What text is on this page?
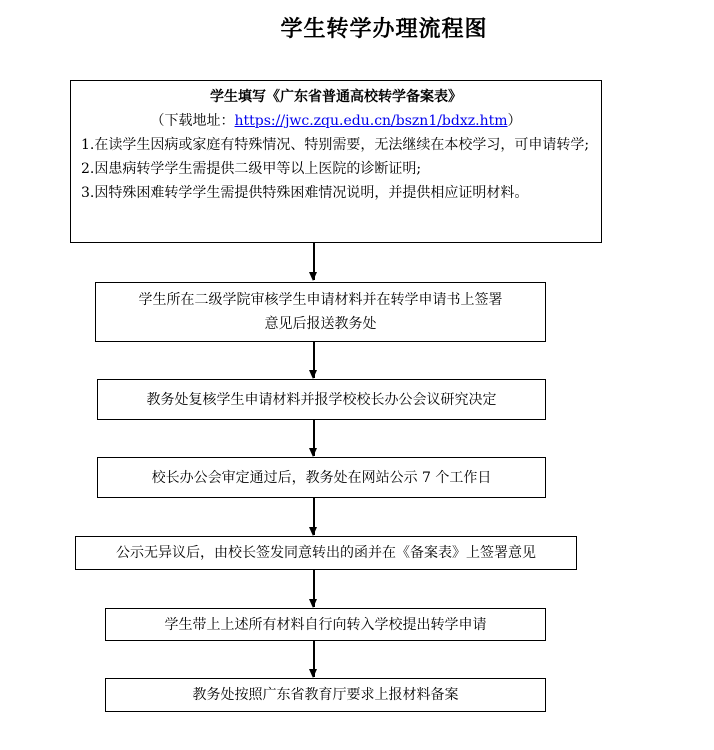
学生转学办理流程图
学生填写《广东省普通高校转学备案表》
（下载地址：https://jwc.zqu.edu.cn/bszn1/bdxz.htm）
1.在读学生因病或家庭有特殊情况、特别需要，无法继续在本校学习，可申请转学;
2.因患病转学学生需提供二级甲等以上医院的诊断证明;
3.因特殊困难转学学生需提供特殊困难情况说明，并提供相应证明材料。
学生所在二级学院审核学生申请材料并在转学申请书上签署
意见后报送教务处
教务处复核学生申请材料并报学校校长办公会议研究决定
校长办公会审定通过后，教务处在网站公示 7 个工作日
公示无异议后，由校长签发同意转出的函并在《备案表》上签署意见
学生带上上述所有材料自行向转入学校提出转学申请
教务处按照广东省教育厅要求上报材料备案
